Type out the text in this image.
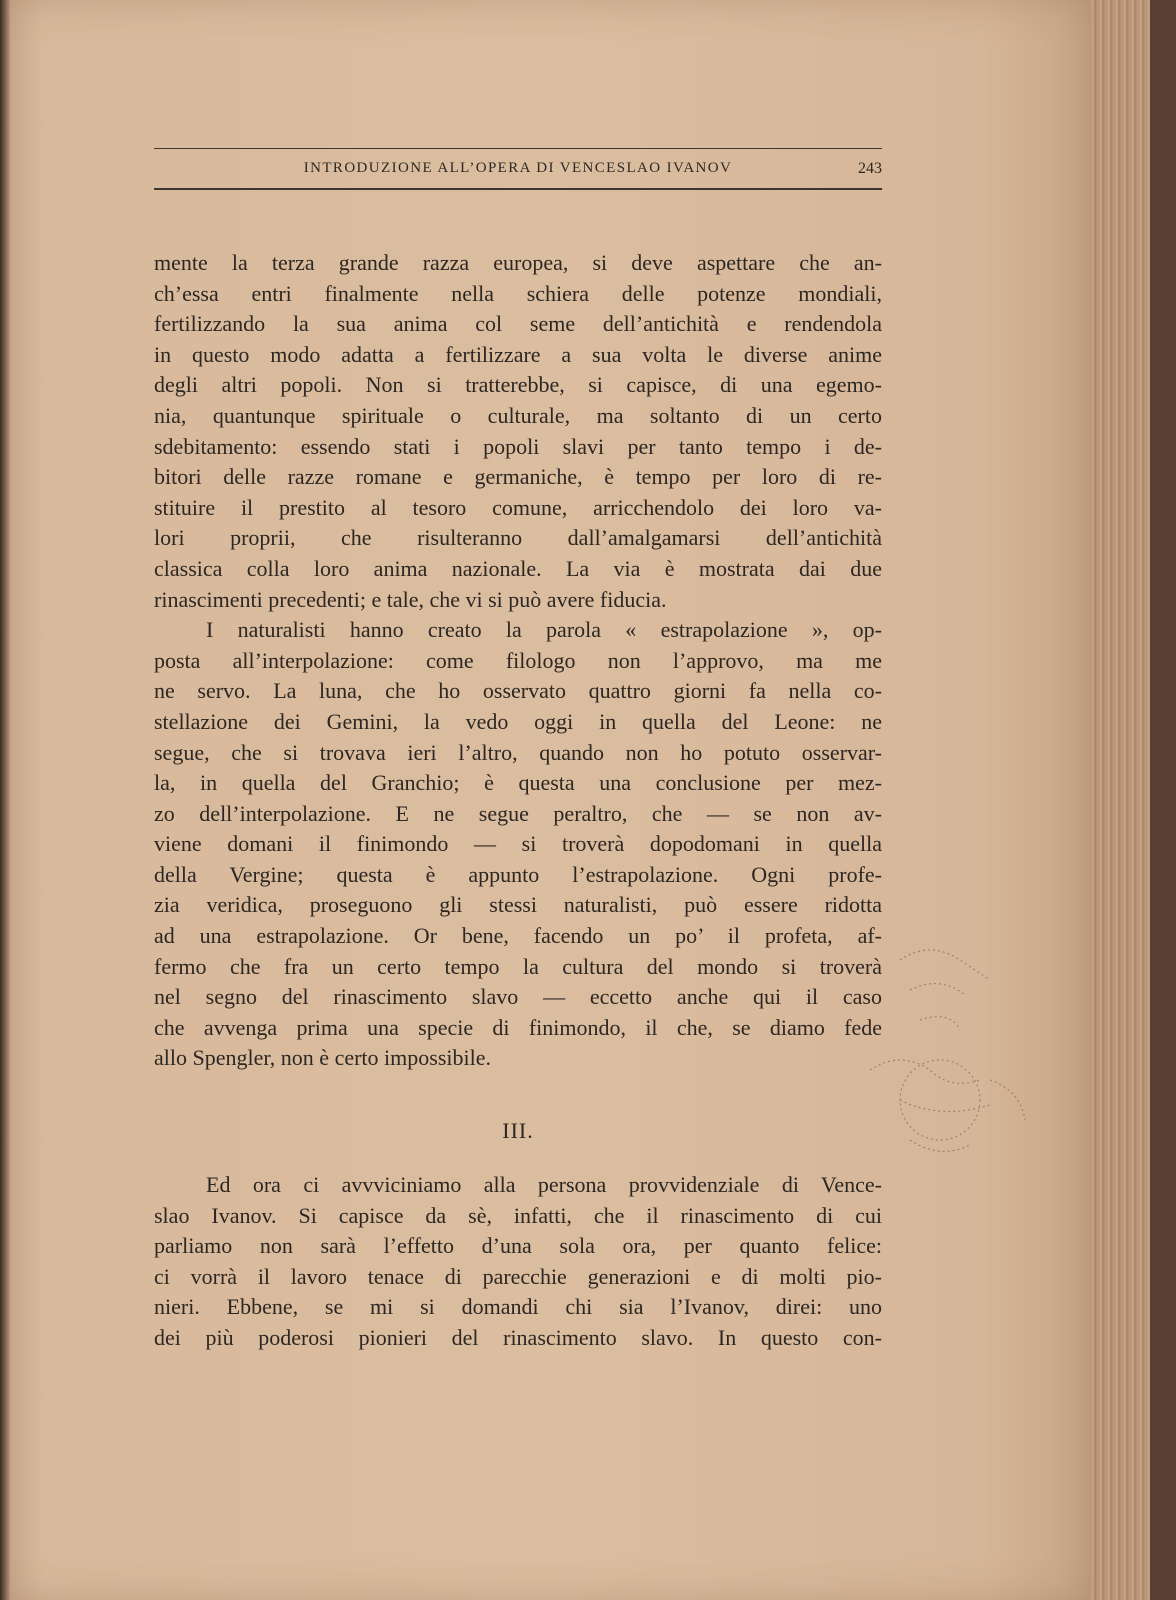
INTRODUZIONE ALL’OPERA DI VENCESLAO IVANOV	243
mente la terza grande razza europea, si deve aspettare che an-
ch’essa entri finalmente nella schiera delle potenze mondiali,
fertilizzando la sua anima col seme dell’antichità e rendendola
in questo modo adatta a fertilizzare a sua volta le diverse anime
degli altri popoli. Non si tratterebbe, si capisce, di una egemo-
nia, quantunque spirituale o culturale, ma soltanto di un certo
sdebitamento: essendo stati i popoli slavi per tanto tempo i de-
bitori delle razze romane e germaniche, è tempo per loro di re-
stituire il prestito al tesoro comune, arricchendolo dei loro va-
lori proprii, che risulteranno dall’amalgamarsi dell’antichità
classica colla loro anima nazionale. La via è mostrata dai due
rinascimenti precedenti; e tale, che vi si può avere fiducia.
I naturalisti hanno creato la parola « estrapolazione », op-
posta all’interpolazione: come filologo non l’approvo, ma me
ne servo. La luna, che ho osservato quattro giorni fa nella co-
stellazione dei Gemini, la vedo oggi in quella del Leone: ne
segue, che si trovava ieri l’altro, quando non ho potuto osservar-
la, in quella del Granchio; è questa una conclusione per mez-
zo dell’interpolazione. E ne segue peraltro, che — se non av-
viene domani il finimondo — si troverà dopodomani in quella
della Vergine; questa è appunto l’estrapolazione. Ogni profe-
zia veridica, proseguono gli stessi naturalisti, può essere ridotta
ad una estrapolazione. Or bene, facendo un po’ il profeta, af-
fermo che fra un certo tempo la cultura del mondo si troverà
nel segno del rinascimento slavo — eccetto anche qui il caso
che avvenga prima una specie di finimondo, il che, se diamo fede
allo Spengler, non è certo impossibile.
III.
Ed ora ci avvviciniamo alla persona provvidenziale di Vence-
slao Ivanov. Si capisce da sè, infatti, che il rinascimento di cui
parliamo non sarà l’effetto d’una sola ora, per quanto felice:
ci vorrà il lavoro tenace di parecchie generazioni e di molti pio-
nieri. Ebbene, se mi si domandi chi sia l’Ivanov, direi: uno
dei più poderosi pionieri del rinascimento slavo. In questo con-
